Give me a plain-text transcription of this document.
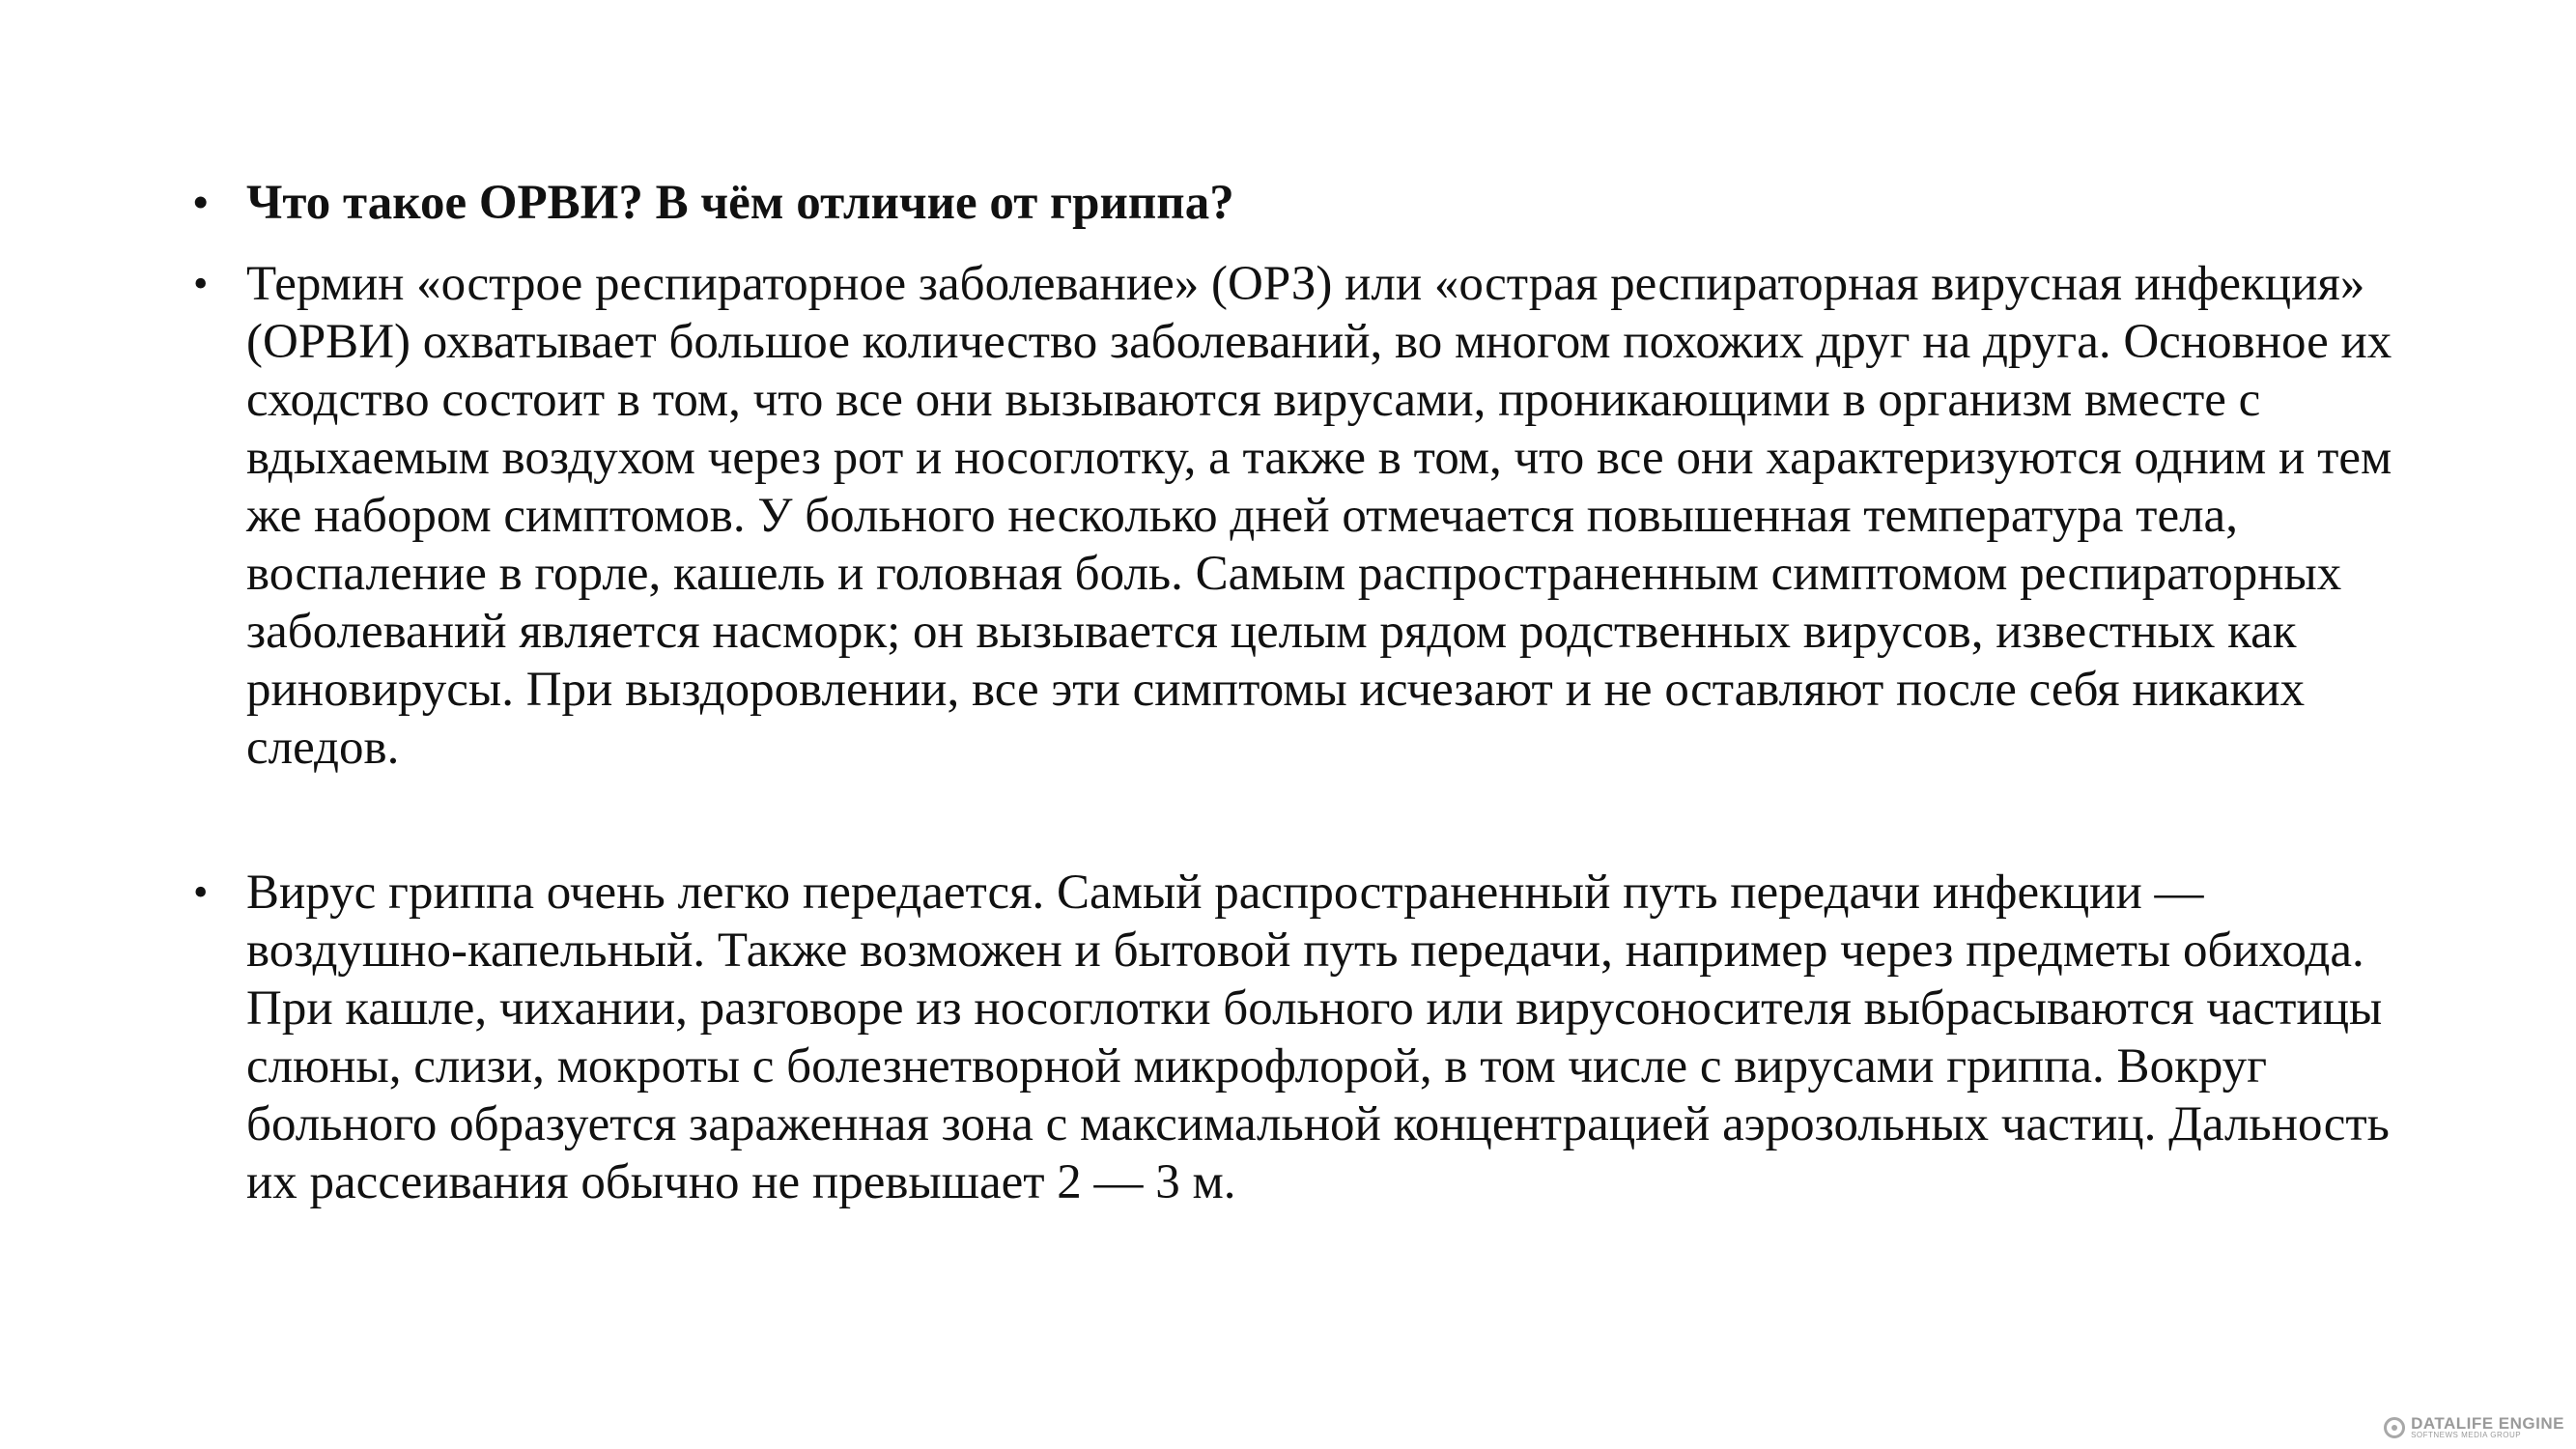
• Что такое ОРВИ? В чём отличие от гриппа?
• Термин «острое респираторное заболевание» (ОРЗ) или «острая респираторная вирусная инфекция» (ОРВИ) охватывает большое количество заболеваний, во многом похожих друг на друга. Основное их сходство состоит в том, что все они вызываются вирусами, проникающими в организм вместе с вдыхаемым воздухом через рот и носоглотку, а также в том, что все они характеризуются одним и тем же набором симптомов. У больного несколько дней отмечается повышенная температура тела, воспаление в горле, кашель и головная боль. Самым распространенным симптомом респираторных заболеваний является насморк; он вызывается целым рядом родственных вирусов, известных как риновирусы. При выздоровлении, все эти симптомы исчезают и не оставляют после себя никаких следов.
• Вирус гриппа очень легко передается. Самый распространенный путь передачи инфекции — воздушно-капельный. Также возможен и бытовой путь передачи, например через предметы обихода. При кашле, чихании, разговоре из носоглотки больного или вирусоносителя выбрасываются частицы слюны, слизи, мокроты с болезнетворной микрофлорой, в том числе с вирусами гриппа. Вокруг больного образуется зараженная зона с максимальной концентрацией аэрозольных частиц. Дальность их рассеивания обычно не превышает 2 — 3 м.
DATALIFE ENGINE
SOFTNEWS MEDIA GROUP
